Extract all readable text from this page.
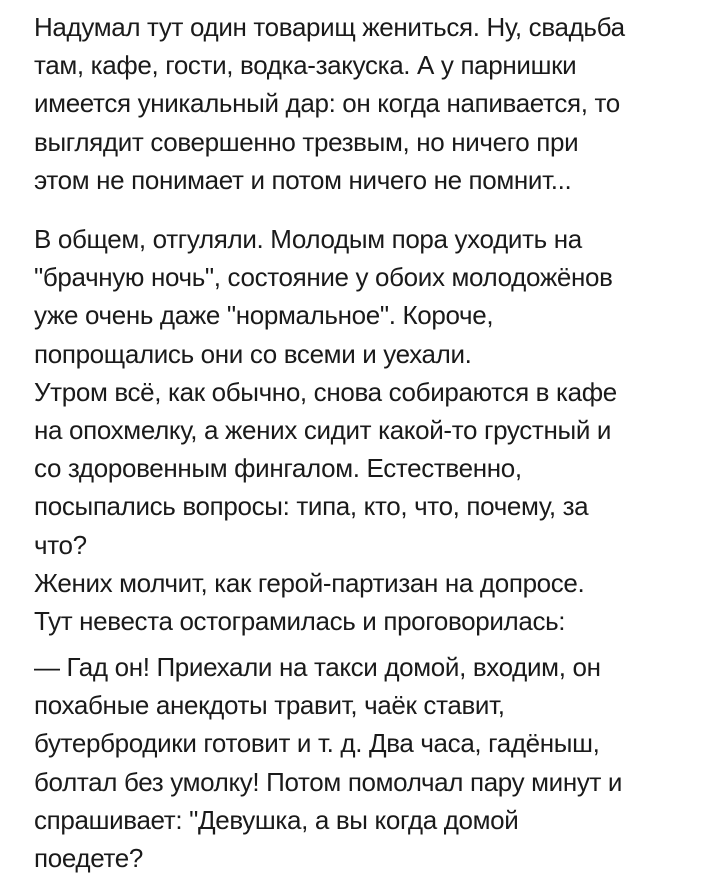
Надумал тут один товарищ жениться. Ну, свадьба
там, кафе, гости, водка-закуска. А у парнишки
имеется уникальный дар: он когда напивается, то
выглядит совершенно трезвым, но ничего при
этом не понимает и потом ничего не помнит...
В общем, отгуляли. Молодым пора уходить на
"брачную ночь", состояние у обоих молодожёнов
уже очень даже "нормальное". Короче,
попрощались они со всеми и уехали.
Утром всё, как обычно, снова собираются в кафе
на опохмелку, а жених сидит какой-то грустный и
со здоровенным фингалом. Естественно,
посыпались вопросы: типа, кто, что, почему, за
что?
Жених молчит, как герой-партизан на допросе.
Тут невеста остограмилась и проговорилась:
— Гад он! Приехали на такси домой, входим, он
похабные анекдоты травит, чаёк ставит,
бутербродики готовит и т. д. Два часа, гадёныш,
болтал без умолку! Потом помолчал пару минут и
спрашивает: "Девушка, а вы когда домой
поедете?
